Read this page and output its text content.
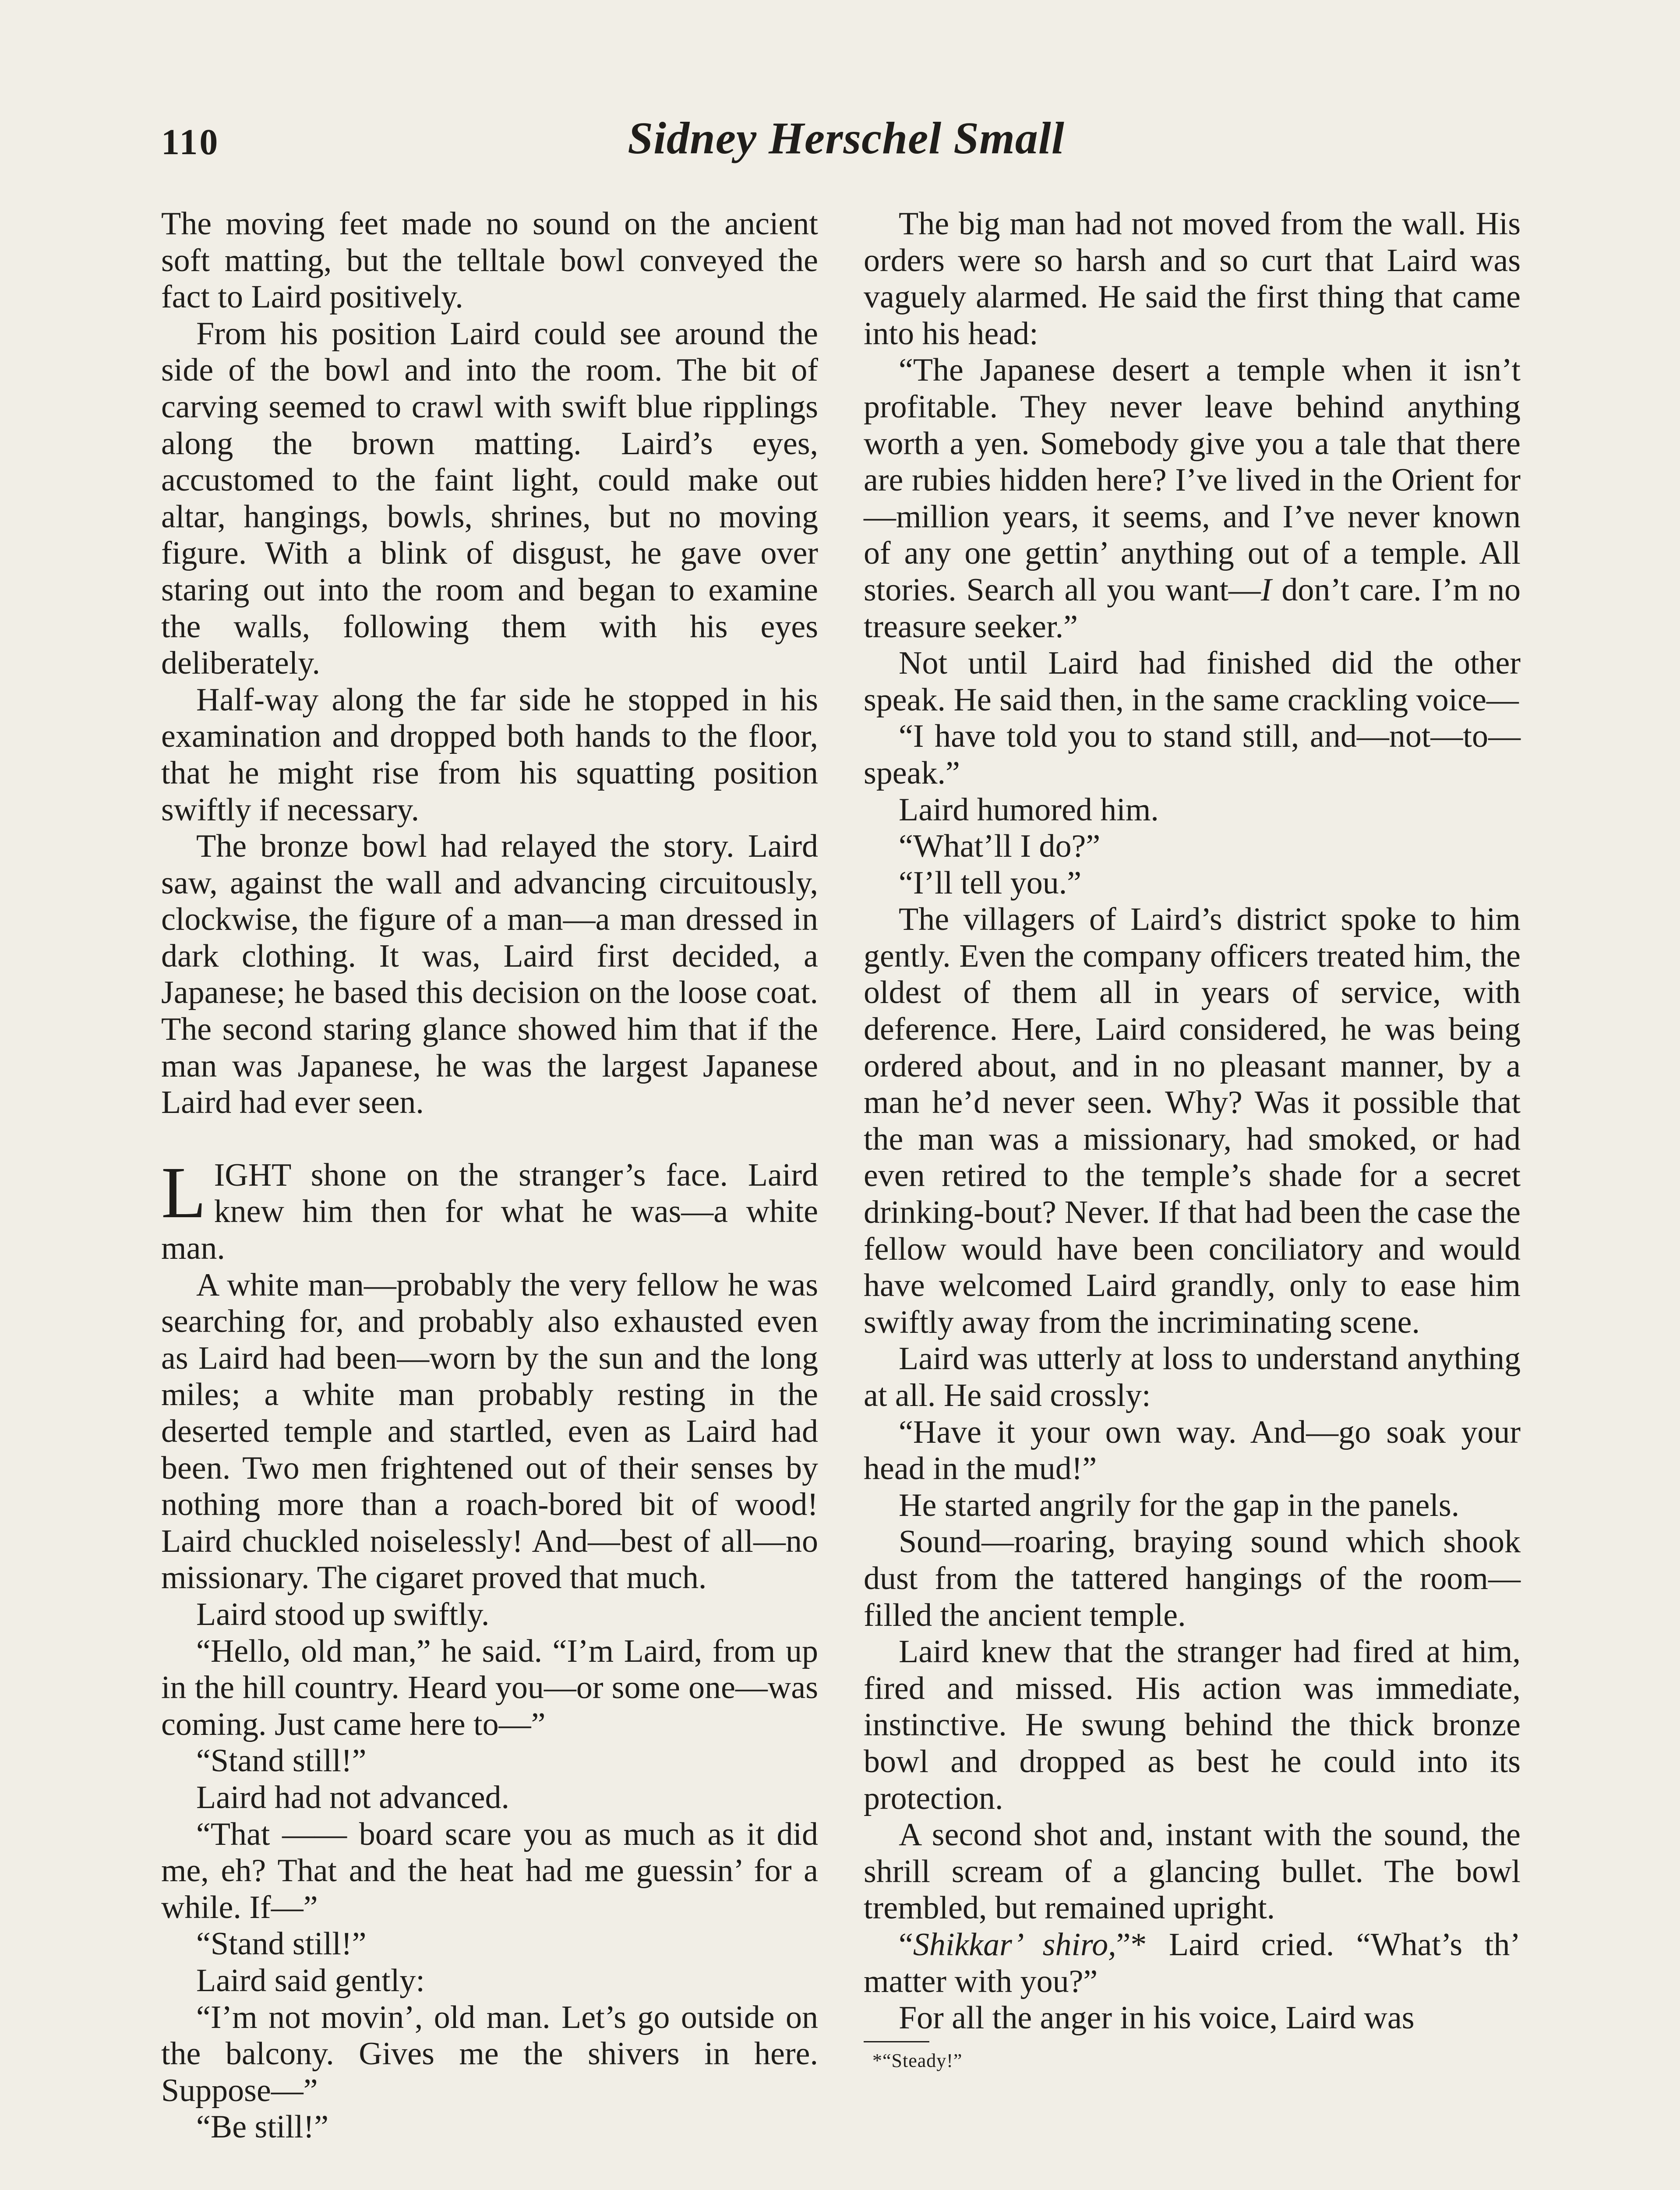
110	Sidney Herschel Small

The moving feet made no sound on the ancient soft matting, but the telltale bowl conveyed the fact to Laird positively.

From his position Laird could see around the side of the bowl and into the room. The bit of carving seemed to crawl with swift blue ripplings along the brown matting. Laird’s eyes, accustomed to the faint light, could make out altar, hangings, bowls, shrines, but no moving figure. With a blink of disgust, he gave over staring out into the room and began to examine the walls, following them with his eyes deliberately.

Half-way along the far side he stopped in his examination and dropped both hands to the floor, that he might rise from his squatting position swiftly if necessary.

The bronze bowl had relayed the story. Laird saw, against the wall and advancing circuitously, clockwise, the figure of a man—a man dressed in dark clothing. It was, Laird first decided, a Japanese; he based this decision on the loose coat. The second staring glance showed him that if the man was Japanese, he was the largest Japanese Laird had ever seen.

LIGHT shone on the stranger’s face. Laird knew him then for what he was—a white man.

A white man—probably the very fellow he was searching for, and probably also exhausted even as Laird had been—worn by the sun and the long miles; a white man probably resting in the deserted temple and startled, even as Laird had been. Two men frightened out of their senses by nothing more than a roach-bored bit of wood! Laird chuckled noiselessly! And—best of all—no missionary. The cigaret proved that much.

Laird stood up swiftly.

“Hello, old man,” he said. “I’m Laird, from up in the hill country. Heard you—or some one—was coming. Just came here to—”

“Stand still!”

Laird had not advanced.

“That —— board scare you as much as it did me, eh? That and the heat had me guessin’ for a while. If—”

“Stand still!”

Laird said gently:

“I’m not movin’, old man. Let’s go outside on the balcony. Gives me the shivers in here. Suppose—”

“Be still!”

The big man had not moved from the wall. His orders were so harsh and so curt that Laird was vaguely alarmed. He said the first thing that came into his head:

“The Japanese desert a temple when it isn’t profitable. They never leave behind anything worth a yen. Somebody give you a tale that there are rubies hidden here? I’ve lived in the Orient for—million years, it seems, and I’ve never known of any one gettin’ anything out of a temple. All stories. Search all you want—I don’t care. I’m no treasure seeker.”

Not until Laird had finished did the other speak. He said then, in the same crackling voice—

“I have told you to stand still, and—not—to—speak.”

Laird humored him.

“What’ll I do?”

“I’ll tell you.”

The villagers of Laird’s district spoke to him gently. Even the company officers treated him, the oldest of them all in years of service, with deference. Here, Laird considered, he was being ordered about, and in no pleasant manner, by a man he’d never seen. Why? Was it possible that the man was a missionary, had smoked, or had even retired to the temple’s shade for a secret drinking-bout? Never. If that had been the case the fellow would have been conciliatory and would have welcomed Laird grandly, only to ease him swiftly away from the incriminating scene.

Laird was utterly at loss to understand anything at all. He said crossly:

“Have it your own way. And—go soak your head in the mud!”

He started angrily for the gap in the panels.

Sound—roaring, braying sound which shook dust from the tattered hangings of the room—filled the ancient temple.

Laird knew that the stranger had fired at him, fired and missed. His action was immediate, instinctive. He swung behind the thick bronze bowl and dropped as best he could into its protection.

A second shot and, instant with the sound, the shrill scream of a glancing bullet. The bowl trembled, but remained upright.

“Shikkar’ shiro,”* Laird cried. “What’s th’ matter with you?”

For all the anger in his voice, Laird was

*“Steady!”
